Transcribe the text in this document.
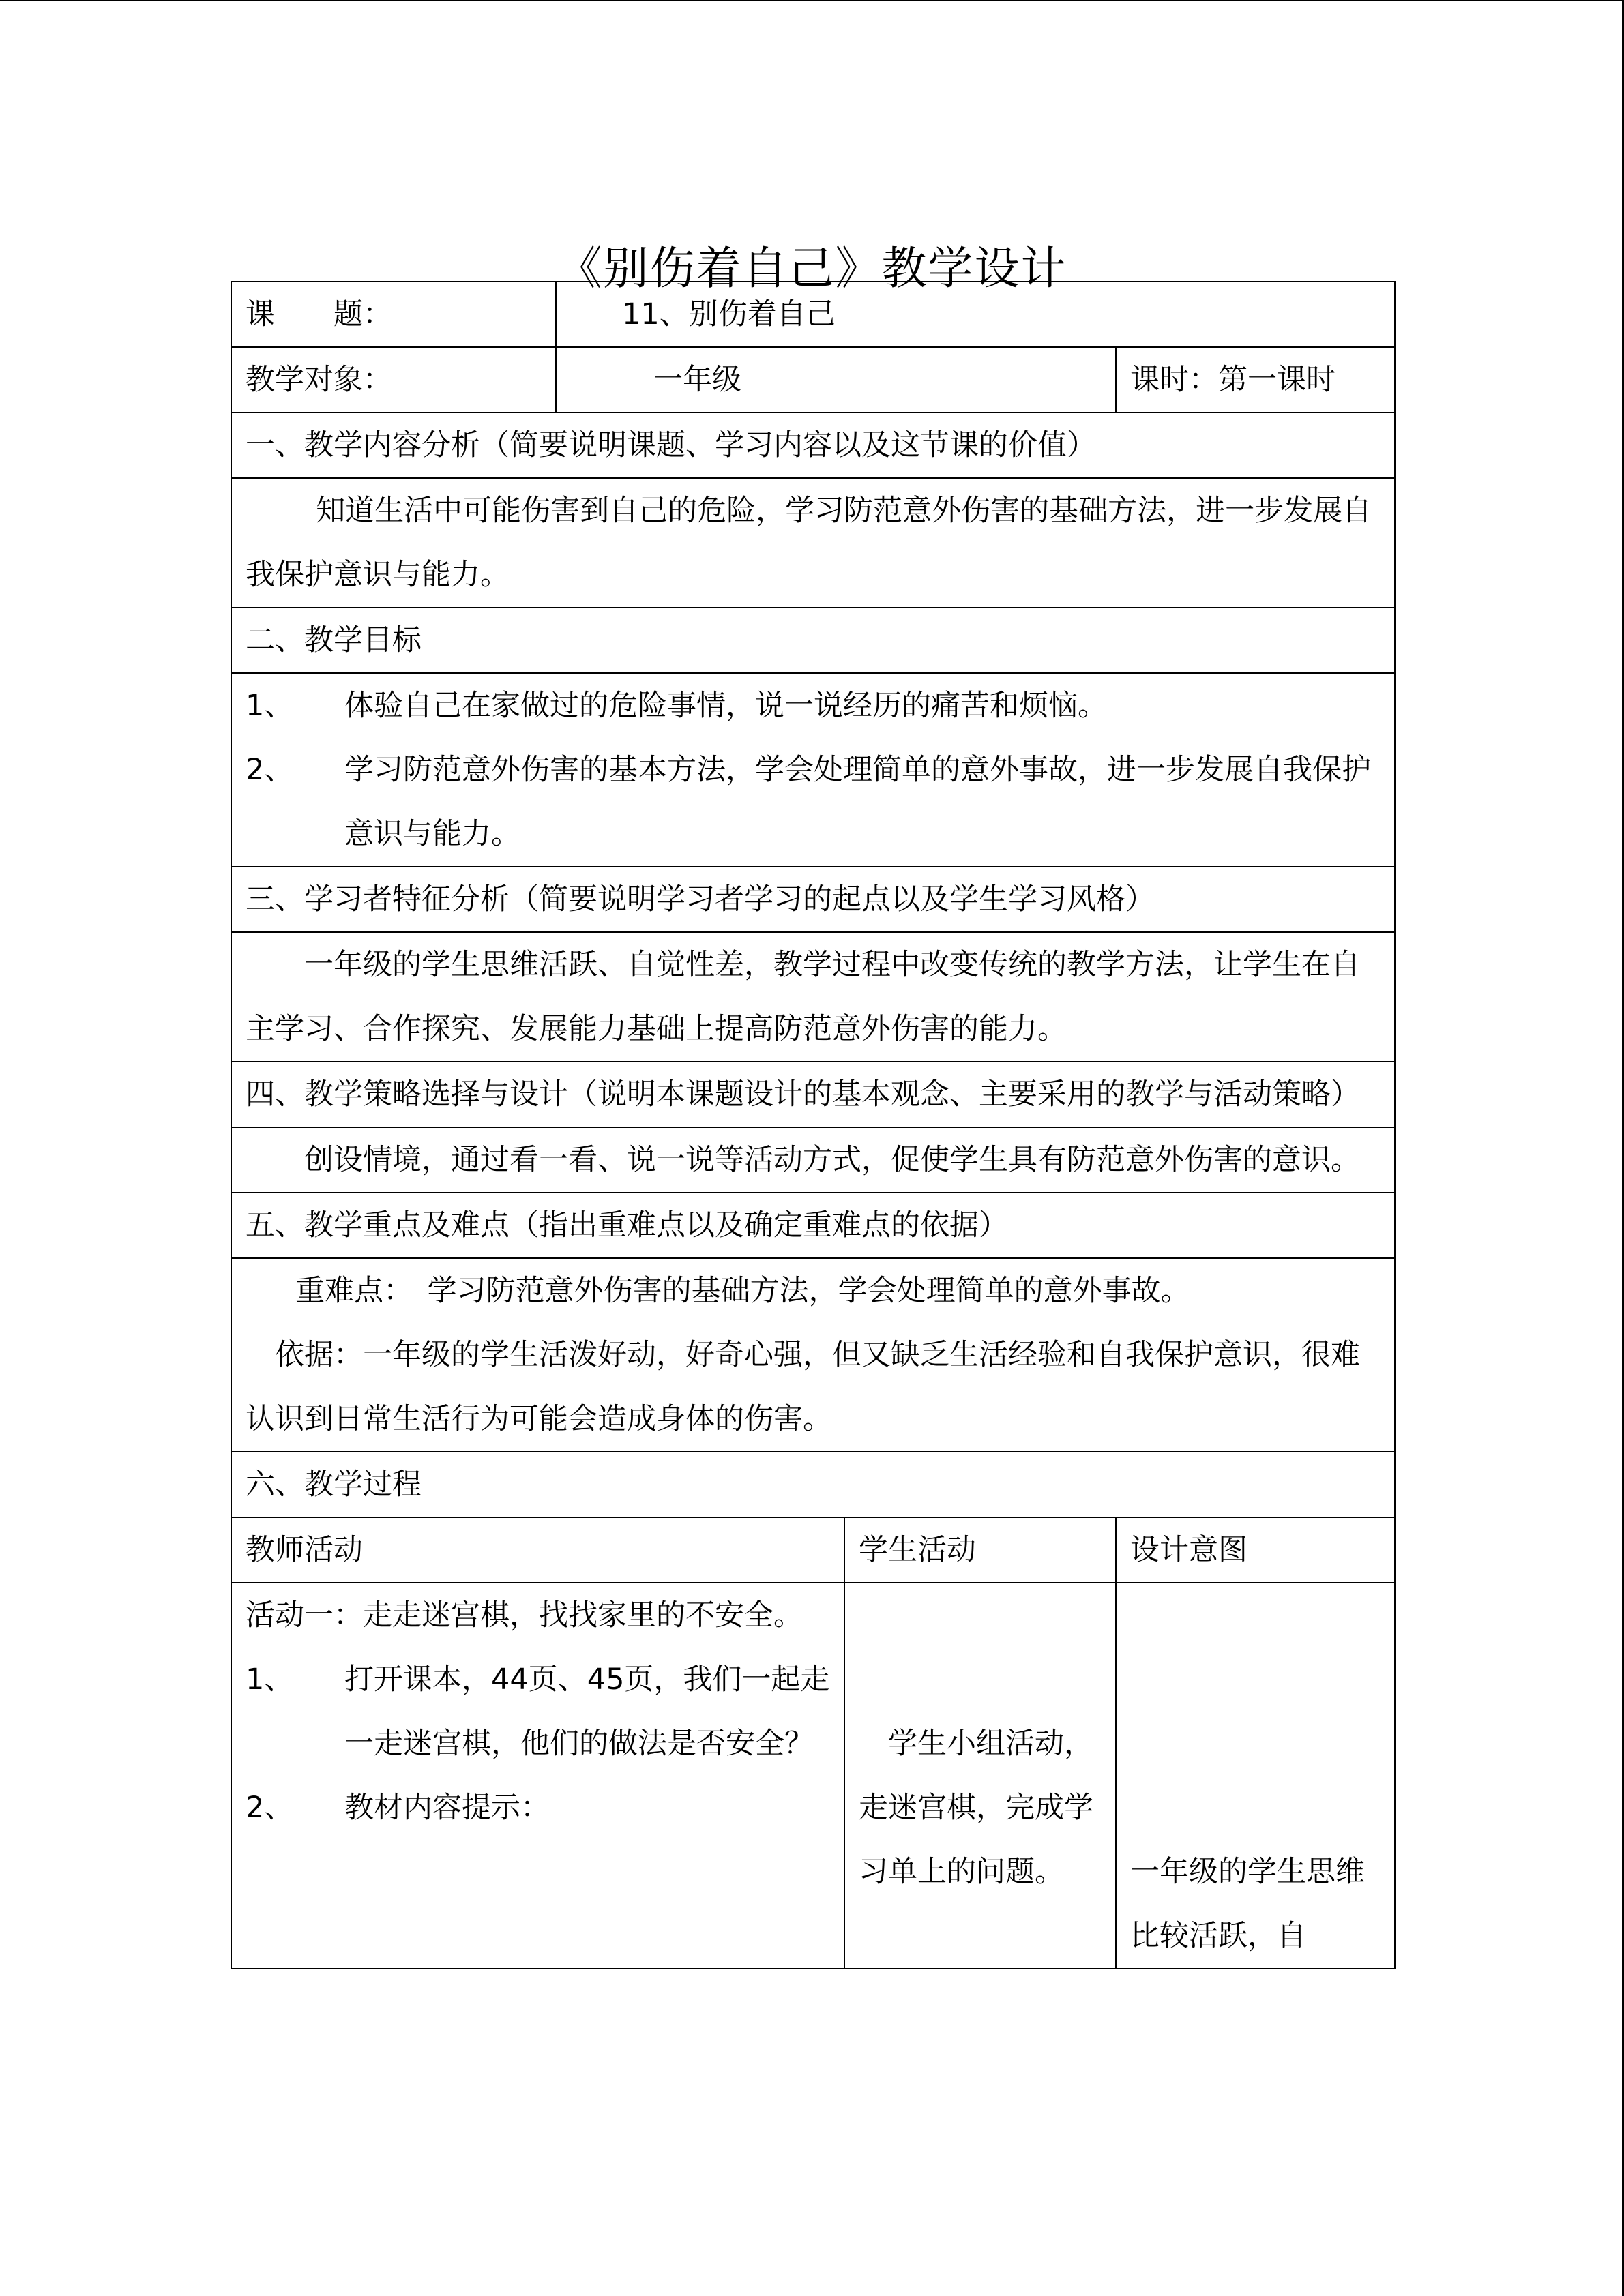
《别伤着自己》教学设计
课　　题：	11、别伤着自己		
教学对象：	一年级		课时：第一课时
一、教学内容分析（简要说明课题、学习内容以及这节课的价值）			

知道生活中可能伤害到自己的危险，学习防范意外伤害的基础方法，进一步发展自我保护意识与能力。			

二、教学目标			

1、 体验自己在家做过的危险事情，说一说经历的痛苦和烦恼。
2、 学习防范意外伤害的基本方法，学会处理简单的意外事故，进一步发展自我保护意识与能力。			

三、学习者特征分析（简要说明学习者学习的起点以及学生学习风格）			

一年级的学生思维活跃、自觉性差，教学过程中改变传统的教学方法，让学生在自主学习、合作探究、发展能力基础上提高防范意外伤害的能力。			

四、教学策略选择与设计（说明本课题设计的基本观念、主要采用的教学与活动策略）			

创设情境，通过看一看、说一说等活动方式，促使学生具有防范意外伤害的意识。			

五、教学重点及难点（指出重难点以及确定重难点的依据）			

重难点：　学习防范意外伤害的基础方法，学会处理简单的意外事故。

依据：一年级的学生活泼好动，好奇心强，但又缺乏生活经验和自我保护意识，很难认识到日常生活行为可能会造成身体的伤害。			

六、教学过程			
教师活动		学生活动	设计意图

活动一：走走迷宫棋，找找家里的不安全。

1、 打开课本，44页、45页，我们一起走一走迷宫棋，他们的做法是否安全？
2、 教材内容提示：		学生小组活动，走迷宫棋，完成学习单上的问题。	一年级的学生思维比较活跃，自
